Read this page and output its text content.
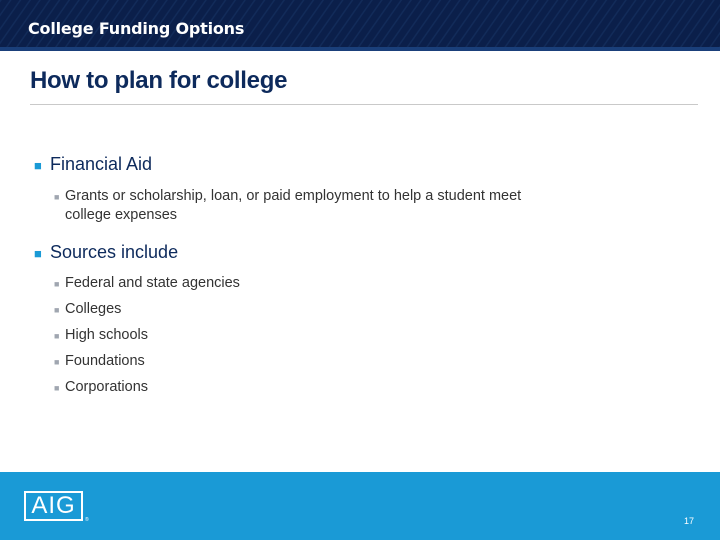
College Funding Options
How to plan for college
■ Financial Aid
■ Grants or scholarship, loan, or paid employment to help a student meet college expenses
■ Sources include
■ Federal and state agencies
■ Colleges
■ High schools
■ Foundations
■ Corporations
AIG
®	17
